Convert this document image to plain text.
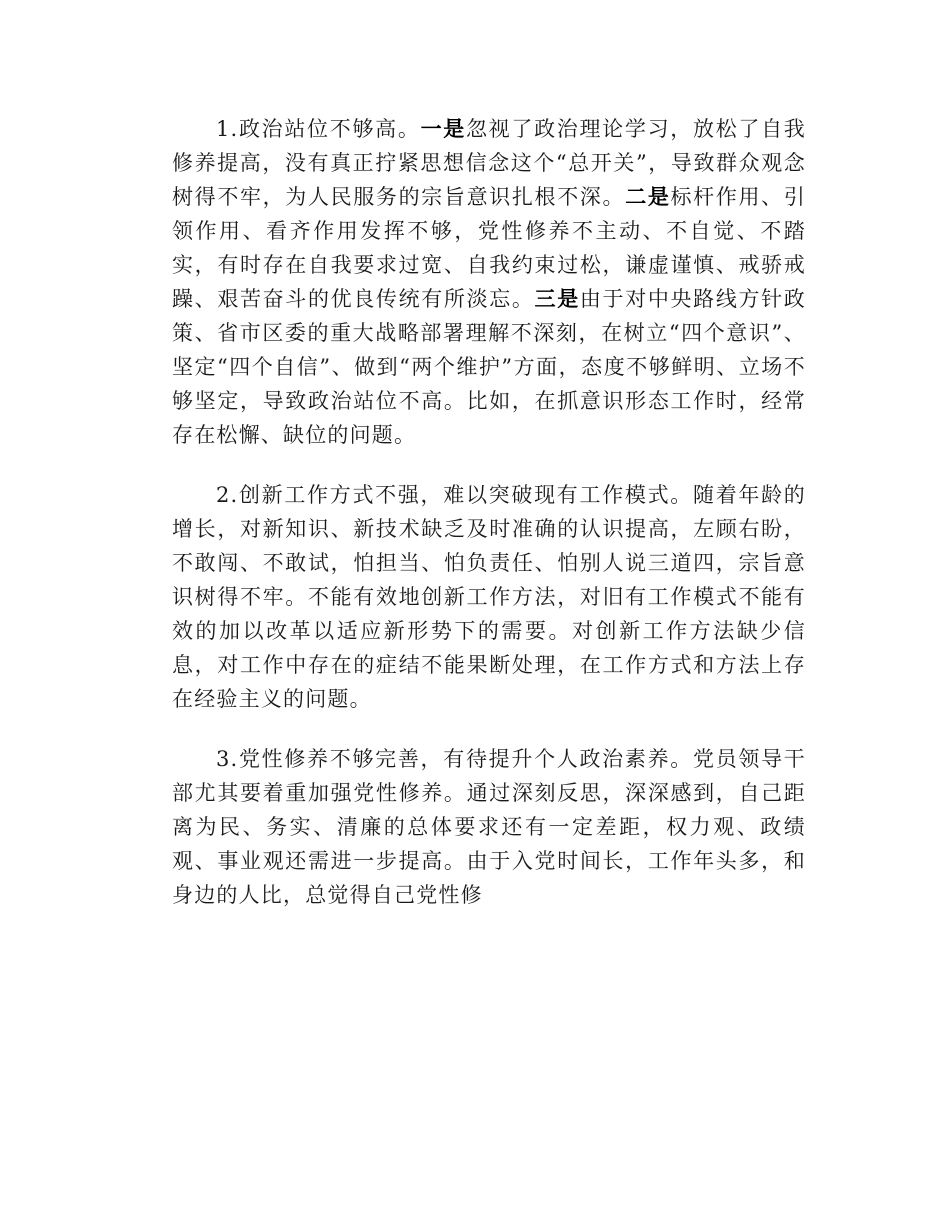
1.政治站位不够高。一是忽视了政治理论学习，放松了自我修养提高，没有真正拧紧思想信念这个“总开关”，导致群众观念树得不牢，为人民服务的宗旨意识扎根不深。二是标杆作用、引领作用、看齐作用发挥不够，党性修养不主动、不自觉、不踏实，有时存在自我要求过宽、自我约束过松，谦虚谨慎、戒骄戒躁、艰苦奋斗的优良传统有所淡忘。三是由于对中央路线方针政策、省市区委的重大战略部署理解不深刻，在树立“四个意识”、坚定“四个自信”、做到“两个维护”方面，态度不够鲜明、立场不够坚定，导致政治站位不高。比如，在抓意识形态工作时，经常存在松懈、缺位的问题。

2.创新工作方式不强，难以突破现有工作模式。随着年龄的增长，对新知识、新技术缺乏及时准确的认识提高，左顾右盼，不敢闯、不敢试，怕担当、怕负责任、怕别人说三道四，宗旨意识树得不牢。不能有效地创新工作方法，对旧有工作模式不能有效的加以改革以适应新形势下的需要。对创新工作方法缺少信息，对工作中存在的症结不能果断处理，在工作方式和方法上存在经验主义的问题。

3.党性修养不够完善，有待提升个人政治素养。党员领导干部尤其要着重加强党性修养。通过深刻反思，深深感到，自己距离为民、务实、清廉的总体要求还有一定差距，权力观、政绩观、事业观还需进一步提高。由于入党时间长，工作年头多，和身边的人比，总觉得自己党性修
